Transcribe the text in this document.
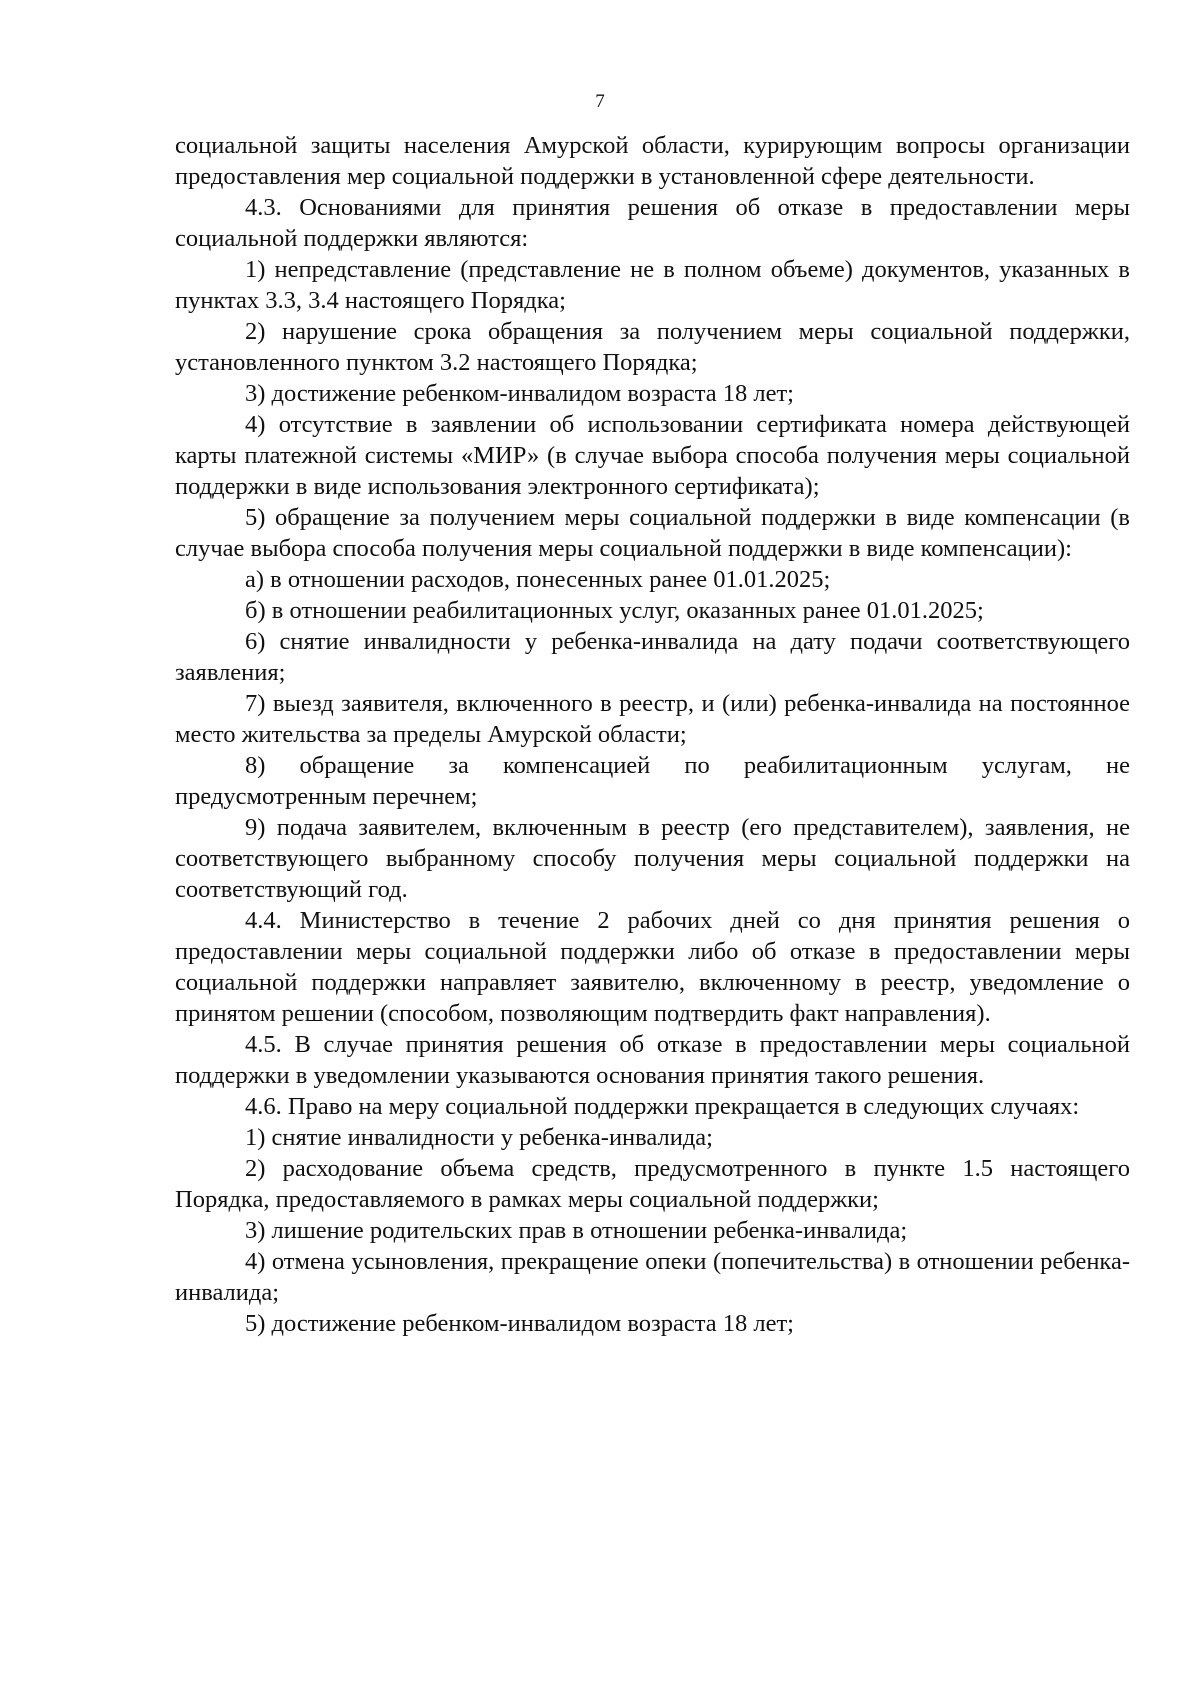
7

социальной защиты населения Амурской области, курирующим вопросы организации предоставления мер социальной поддержки в установленной сфере деятельности.

4.3. Основаниями для принятия решения об отказе в предоставлении меры социальной поддержки являются:

1) непредставление (представление не в полном объеме) документов, указанных в пунктах 3.3, 3.4 настоящего Порядка;

2) нарушение срока обращения за получением меры социальной поддержки, установленного пунктом 3.2 настоящего Порядка;

3) достижение ребенком-инвалидом возраста 18 лет;

4) отсутствие в заявлении об использовании сертификата номера действующей карты платежной системы «МИР» (в случае выбора способа получения меры социальной поддержки в виде использования электронного сертификата);

5) обращение за получением меры социальной поддержки в виде компенсации (в случае выбора способа получения меры социальной поддержки в виде компенсации):

а) в отношении расходов, понесенных ранее 01.01.2025;

б) в отношении реабилитационных услуг, оказанных ранее 01.01.2025;

6) снятие инвалидности у ребенка-инвалида на дату подачи соответствующего заявления;

7) выезд заявителя, включенного в реестр, и (или) ребенка-инвалида на постоянное место жительства за пределы Амурской области;

8) обращение за компенсацией по реабилитационным услугам, не предусмотренным перечнем;

9) подача заявителем, включенным в реестр (его представителем), заявления, не соответствующего выбранному способу получения меры социальной поддержки на соответствующий год.

4.4. Министерство в течение 2 рабочих дней со дня принятия решения о предоставлении меры социальной поддержки либо об отказе в предоставлении меры социальной поддержки направляет заявителю, включенному в реестр, уведомление о принятом решении (способом, позволяющим подтвердить факт направления).

4.5. В случае принятия решения об отказе в предоставлении меры социальной поддержки в уведомлении указываются основания принятия такого решения.

4.6. Право на меру социальной поддержки прекращается в следующих случаях:

1) снятие инвалидности у ребенка-инвалида;

2) расходование объема средств, предусмотренного в пункте 1.5 настоящего Порядка, предоставляемого в рамках меры социальной поддержки;

3) лишение родительских прав в отношении ребенка-инвалида;

4) отмена усыновления, прекращение опеки (попечительства) в отношении ребенка-инвалида;

5) достижение ребенком-инвалидом возраста 18 лет;
